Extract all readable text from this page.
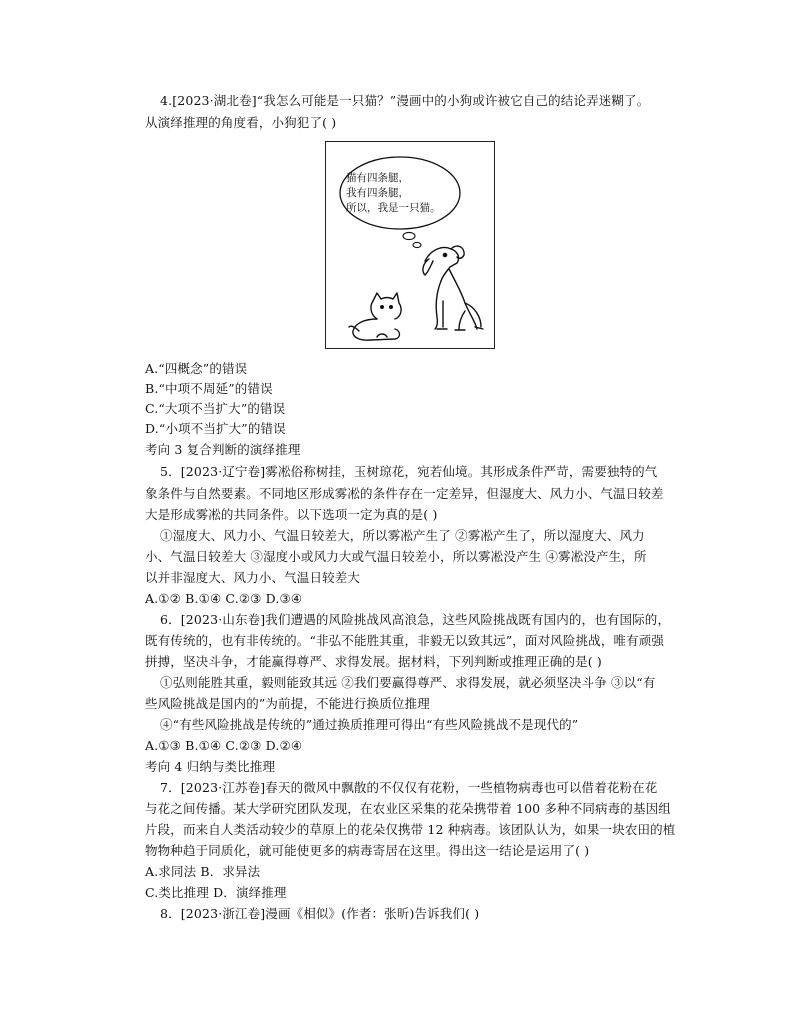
4.[2023·湖北卷]“我怎么可能是一只猫？”漫画中的小狗或许被它自己的结论弄迷糊了。
从演绎推理的角度看，小狗犯了( )
猫有四条腿，
我有四条腿，
所以，我是一只猫。
A.“四概念”的错误
B.“中项不周延”的错误
C.“大项不当扩大”的错误
D.“小项不当扩大”的错误
考向 3 复合判断的演绎推理
5．[2023·辽宁卷]雾凇俗称树挂，玉树琼花，宛若仙境。其形成条件严苛，需要独特的气
象条件与自然要素。不同地区形成雾凇的条件存在一定差异，但湿度大、风力小、气温日较差
大是形成雾凇的共同条件。以下选项一定为真的是( )
①湿度大、风力小、气温日较差大，所以雾凇产生了 ②雾凇产生了，所以湿度大、风力
小、气温日较差大 ③湿度小或风力大或气温日较差小，所以雾凇没产生 ④雾凇没产生，所
以并非湿度大、风力小、气温日较差大
A.①② B.①④ C.②③ D.③④
6．[2023·山东卷]我们遭遇的风险挑战风高浪急，这些风险挑战既有国内的，也有国际的，
既有传统的，也有非传统的。“非弘不能胜其重，非毅无以致其远”，面对风险挑战，唯有顽强
拼搏，坚决斗争，才能赢得尊严、求得发展。据材料，下列判断或推理正确的是( )
①弘则能胜其重，毅则能致其远 ②我们要赢得尊严、求得发展，就必须坚决斗争 ③以“有
些风险挑战是国内的”为前提，不能进行换质位推理
④“有些风险挑战是传统的”通过换质推理可得出“有些风险挑战不是现代的”
A.①③ B.①④ C.②③ D.②④
考向 4 归纳与类比推理
7．[2023·江苏卷]春天的微风中飘散的不仅仅有花粉，一些植物病毒也可以借着花粉在花
与花之间传播。某大学研究团队发现，在农业区采集的花朵携带着 100 多种不同病毒的基因组
片段，而来自人类活动较少的草原上的花朵仅携带 12 种病毒。该团队认为，如果一块农田的植
物物种趋于同质化，就可能使更多的病毒寄居在这里。得出这一结论是运用了( )
A.求同法 B．求异法
C.类比推理 D．演绎推理
8．[2023·浙江卷]漫画《相似》(作者：张昕)告诉我们( )
